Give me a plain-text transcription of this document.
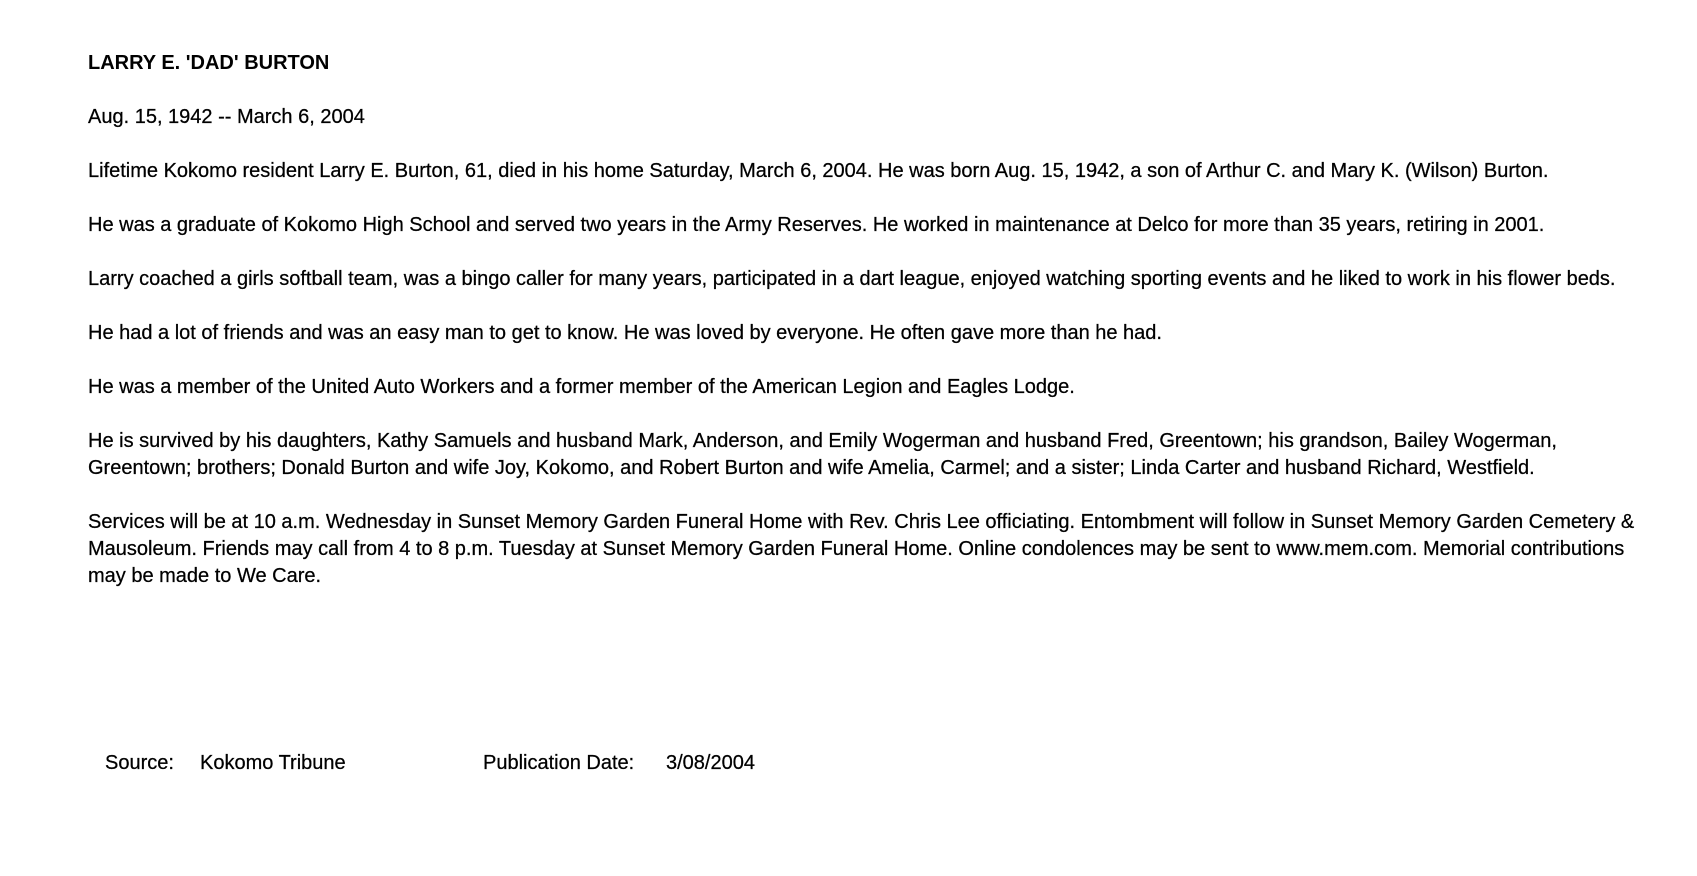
LARRY E. 'DAD' BURTON

Aug. 15, 1942 -- March 6, 2004

Lifetime Kokomo resident Larry E. Burton, 61, died in his home Saturday, March 6, 2004. He was born Aug. 15, 1942, a son of Arthur C. and Mary K. (Wilson) Burton.

He was a graduate of Kokomo High School and served two years in the Army Reserves. He worked in maintenance at Delco for more than 35 years, retiring in 2001.

Larry coached a girls softball team, was a bingo caller for many years, participated in a dart league, enjoyed watching sporting events and he liked to work in his flower beds.

He had a lot of friends and was an easy man to get to know. He was loved by everyone. He often gave more than he had.

He was a member of the United Auto Workers and a former member of the American Legion and Eagles Lodge.

He is survived by his daughters, Kathy Samuels and husband Mark, Anderson, and Emily Wogerman and husband Fred, Greentown; his grandson, Bailey Wogerman, Greentown; brothers; Donald Burton and wife Joy, Kokomo, and Robert Burton and wife Amelia, Carmel; and a sister; Linda Carter and husband Richard, Westfield.

Services will be at 10 a.m. Wednesday in Sunset Memory Garden Funeral Home with Rev. Chris Lee officiating. Entombment will follow in Sunset Memory Garden Cemetery & Mausoleum. Friends may call from 4 to 8 p.m. Tuesday at Sunset Memory Garden Funeral Home. Online condolences may be sent to www.mem.com. Memorial contributions may be made to We Care.

Source: Kokomo Tribune	Publication Date: 3/08/2004
